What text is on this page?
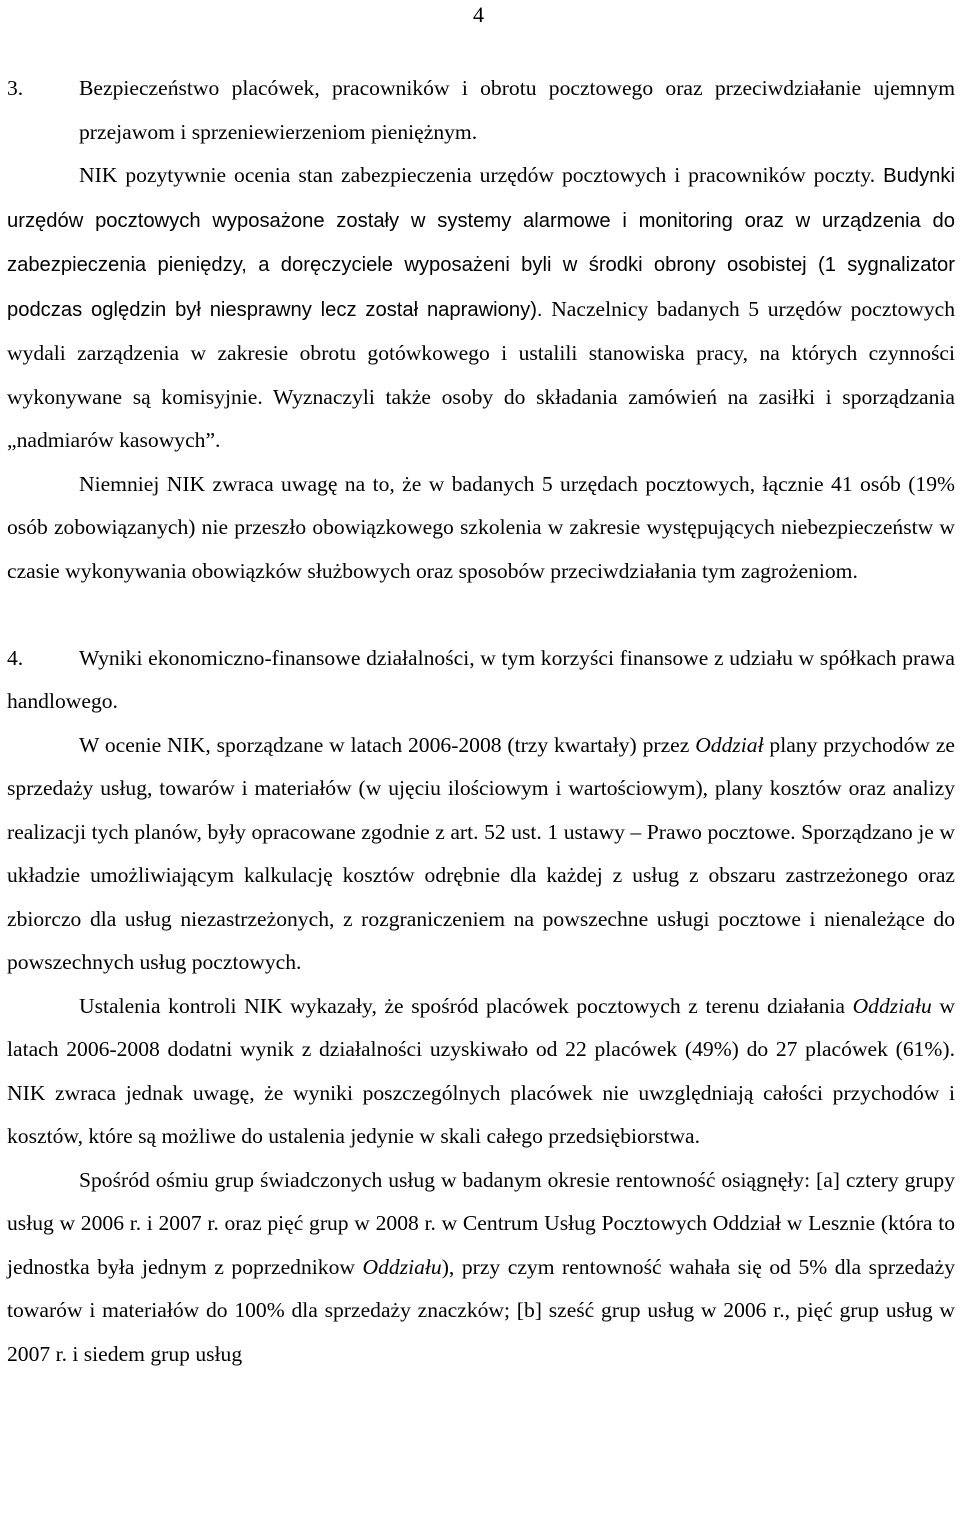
4
3.	Bezpieczeństwo placówek, pracowników i obrotu pocztowego oraz przeciwdziałanie ujemnym przejawom i sprzeniewierzeniom pieniężnym.

NIK pozytywnie ocenia stan zabezpieczenia urzędów pocztowych i pracowników poczty. Budynki urzędów pocztowych wyposażone zostały w systemy alarmowe i monitoring oraz w urządzenia do zabezpieczenia pieniędzy, a doręczyciele wyposażeni byli w środki obrony osobistej (1 sygnalizator podczas oględzin był niesprawny lecz został naprawiony). Naczelnicy badanych 5 urzędów pocztowych wydali zarządzenia w zakresie obrotu gotówkowego i ustalili stanowiska pracy, na których czynności wykonywane są komisyjnie. Wyznaczyli także osoby do składania zamówień na zasiłki i sporządzania „nadmiarów kasowych”.

Niemniej NIK zwraca uwagę na to, że w badanych 5 urzędach pocztowych, łącznie 41 osób (19% osób zobowiązanych) nie przeszło obowiązkowego szkolenia w zakresie występujących niebezpieczeństw w czasie wykonywania obowiązków służbowych oraz sposobów przeciwdziałania tym zagrożeniom.

4.	Wyniki ekonomiczno-finansowe działalności, w tym korzyści finansowe z udziału w spółkach prawa handlowego.

W ocenie NIK, sporządzane w latach 2006-2008 (trzy kwartały) przez Oddział plany przychodów ze sprzedaży usług, towarów i materiałów (w ujęciu ilościowym i wartościowym), plany kosztów oraz analizy realizacji tych planów, były opracowane zgodnie z art. 52 ust. 1 ustawy – Prawo pocztowe. Sporządzano je w układzie umożliwiającym kalkulację kosztów odrębnie dla każdej z usług z obszaru zastrzeżonego oraz zbiorczo dla usług niezastrzeżonych, z rozgraniczeniem na powszechne usługi pocztowe i nienależące do powszechnych usług pocztowych.

Ustalenia kontroli NIK wykazały, że spośród placówek pocztowych z terenu działania Oddziału w latach 2006-2008 dodatni wynik z działalności uzyskiwało od 22 placówek (49%) do 27 placówek (61%). NIK zwraca jednak uwagę, że wyniki poszczególnych placówek nie uwzględniają całości przychodów i kosztów, które są możliwe do ustalenia jedynie w skali całego przedsiębiorstwa.

Spośród ośmiu grup świadczonych usług w badanym okresie rentowność osiągnęły: [a] cztery grupy usług w 2006 r. i 2007 r. oraz pięć grup w 2008 r. w Centrum Usług Pocztowych Oddział w Lesznie (która to jednostka była jednym z poprzednikow Oddziału), przy czym rentowność wahała się od 5% dla sprzedaży towarów i materiałów do 100% dla sprzedaży znaczków; [b] sześć grup usług w 2006 r., pięć grup usług w 2007 r. i siedem grup usług
